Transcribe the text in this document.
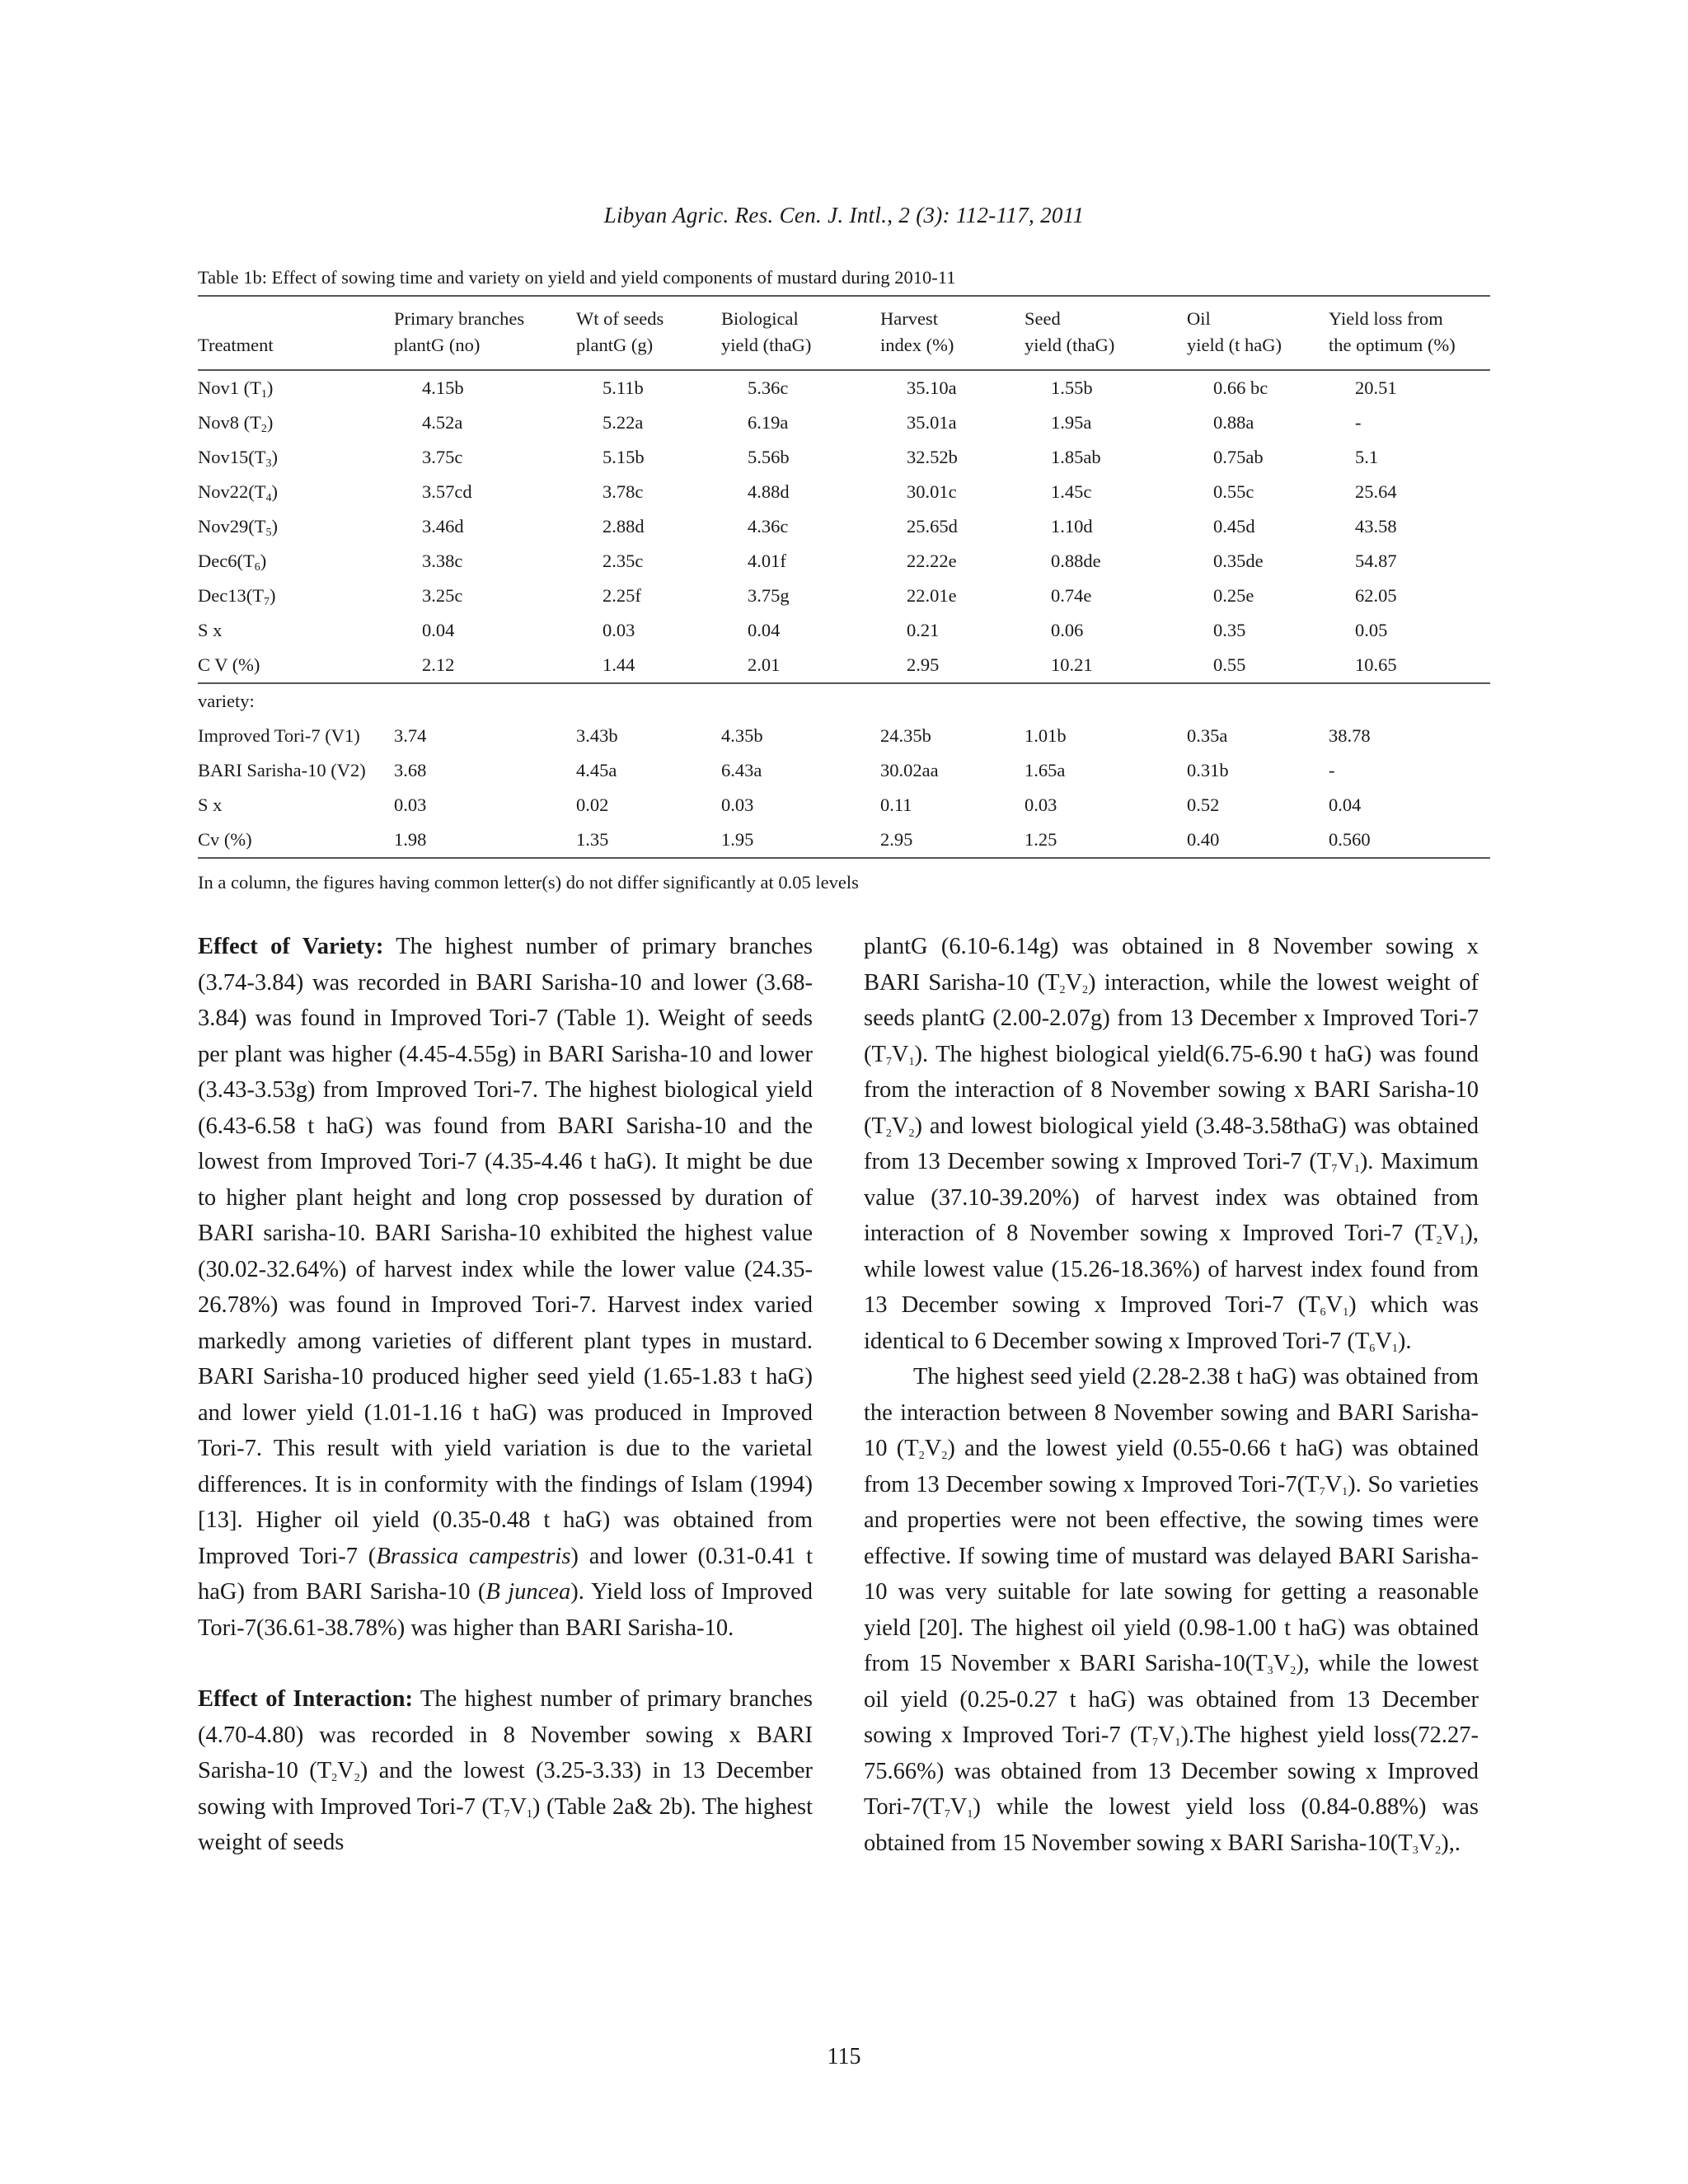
Libyan Agric. Res. Cen. J. Intl., 2 (3): 112-117, 2011
Table 1b: Effect of sowing time and variety on yield and yield components of mustard during 2010-11
	Primary branches	Wt of seeds	Biological	Harvest	Seed	Oil	Yield loss from
Treatment	plantG (no)	plantG (g)	yield (thaG)	index (%)	yield (thaG)	yield (t haG)	the optimum (%)
Nov1 $(T_1)$	4.15b	5.11b	5.36c	35.10a	1.55b	0.66 bc	20.51
Nov8 $(T_2)$	4.52a	5.22a	6.19a	35.01a	1.95a	0.88a	-
$Nov15(T_3)$	3.75c	5.15b	5.56b	32.52b	1.85ab	0.75ab	5.1
$Nov22(T_4)$	3.57cd	3.78c	4.88d	30.01c	1.45c	0.55c	25.64
$Nov29(T_5)$	3.46d	2.88d	4.36c	25.65d	1.10d	0.45d	43.58
$Dec6(T_6)$	3.38c	2.35c	4.01f	22.22e	0.88de	0.35de	54.87
$Dec13(T_7)$	3.25c	2.25f	3.75g	22.01e	0.74e	0.25e	62.05
S x	0.04	0.03	0.04	0.21	0.06	0.35	0.05
C V (%)	2.12	1.44	2.01	2.95	10.21	0.55	10.65
variety:							
Improved Tori-7 (V1)	3.74	3.43b	4.35b	24.35b	1.01b	0.35a	38.78
BARI Sarisha-10 (V2)	3.68	4.45a	6.43a	30.02aa	1.65a	0.31b	-
S x	0.03	0.02	0.03	0.11	0.03	0.52	0.04
Cv (%)	1.98	1.35	1.95	2.95	1.25	0.40	0.560
In a column, the figures having common letter(s) do not differ significantly at 0.05 levels

Effect of Variety: The highest number of primary branches (3.74-3.84) was recorded in BARI Sarisha-10 and lower (3.68-3.84) was found in Improved Tori-7 (Table 1). Weight of seeds per plant was higher (4.45-4.55g) in BARI Sarisha-10 and lower (3.43-3.53g) from Improved Tori-7. The highest biological yield (6.43-6.58 t haG) was found from BARI Sarisha-10 and the lowest from Improved Tori-7 (4.35-4.46 t haG). It might be due to higher plant height and long crop possessed by duration of BARI sarisha-10. BARI Sarisha-10 exhibited the highest value (30.02-32.64%) of harvest index while the lower value (24.35-26.78%) was found in Improved Tori-7. Harvest index varied markedly among varieties of different plant types in mustard. BARI Sarisha-10 produced higher seed yield (1.65-1.83 t haG) and lower yield (1.01-1.16 t haG) was produced in Improved Tori-7. This result with yield variation is due to the varietal differences. It is in conformity with the findings of Islam (1994) [13]. Higher oil yield (0.35-0.48 t haG) was obtained from Improved Tori-7 (Brassica campestris) and lower (0.31-0.41 t haG) from BARI Sarisha-10 (B juncea). Yield loss of Improved Tori-7(36.61-38.78%) was higher than BARI Sarisha-10.

Effect of Interaction: The highest number of primary branches (4.70-4.80) was recorded in 8 November sowing x BARI Sarisha-10 $(T_2V_2)$ and the lowest (3.25-3.33) in 13 December sowing with Improved Tori-7 $(T_7V_1)$ (Table 2a& 2b). The highest weight of seeds

plantG (6.10-6.14g) was obtained in 8 November sowing x BARI Sarisha-10 $(T_2V_2)$ interaction, while the lowest weight of seeds plantG (2.00-2.07g) from 13 December x Improved Tori-7 $(T_7V_1)$. The highest biological yield(6.75-6.90 t haG) was found from the interaction of 8 November sowing x BARI Sarisha-10 $(T_2V_2)$ and lowest biological yield (3.48-3.58thaG) was obtained from 13 December sowing x Improved Tori-7 $(T_7V_1)$. Maximum value (37.10-39.20%) of harvest index was obtained from interaction of 8 November sowing x Improved Tori-7 $(T_2V_1)$, while lowest value (15.26-18.36%) of harvest index found from 13 December sowing x Improved Tori-7 $(T_6V_1)$ which was identical to 6 December sowing x Improved Tori-7 $(T_6V_1)$.

The highest seed yield (2.28-2.38 t haG) was obtained from the interaction between 8 November sowing and BARI Sarisha-10 $(T_2V_2)$ and the lowest yield (0.55-0.66 t haG) was obtained from 13 December sowing x Improved Tori-$7(T_7V_1)$. So varieties and properties were not been effective, the sowing times were effective. If sowing time of mustard was delayed BARI Sarisha-10 was very suitable for late sowing for getting a reasonable yield [20]. The highest oil yield (0.98-1.00 t haG) was obtained from 15 November x BARI Sarisha-$10(T_3V_2)$, while the lowest oil yield (0.25-0.27 t haG) was obtained from 13 December sowing x Improved Tori-7 $(T_7V_1).The$ highest yield loss(72.27-75.66%) was obtained from 13 December sowing x Improved Tori-$7(T_7V_1)$ while the lowest yield loss (0.84-0.88%) was obtained from 15 November sowing x BARI Sarisha-$10(T_3V_2)$,.

115
